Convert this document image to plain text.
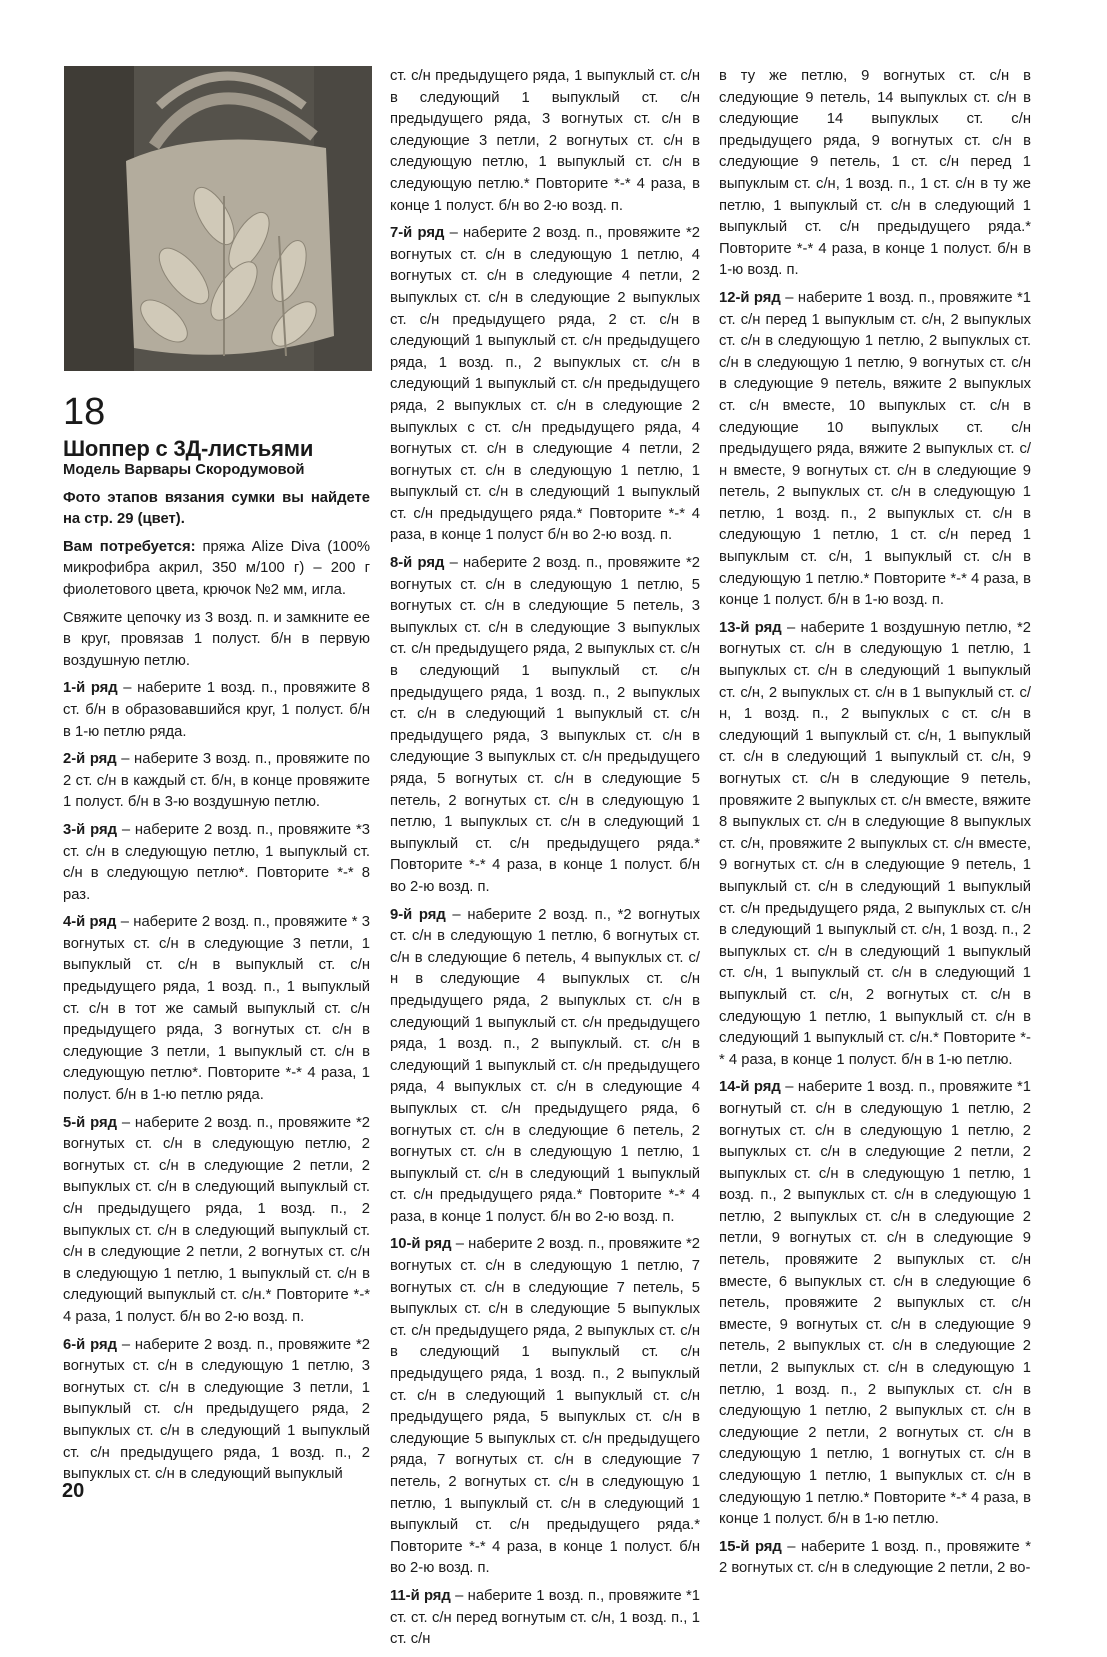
18
Шоппер с 3Д-листьями

Модель Варвары Скородумовой

Фото этапов вязания сумки вы найдете на стр. 29 (цвет).

Вам потребуется: пряжа Alize Diva (100% микрофибра акрил, 350 м/100 г) – 200 г фиолетового цвета, крючок №2 мм, игла.

Свяжите цепочку из 3 возд. п. и замкните ее в круг, провязав 1 полуст. б/н в первую воздушную петлю.

1-й ряд – наберите 1 возд. п., провяжите 8 ст. б/н в образовавшийся круг, 1 полуст. б/н в 1-ю петлю ряда.

2-й ряд – наберите 3 возд. п., провяжите по 2 ст. с/н в каждый ст. б/н, в конце провяжите 1 полуст. б/н в 3-ю воздушную петлю.

3-й ряд – наберите 2 возд. п., провяжите *3 ст. с/н в следующую петлю, 1 выпуклый ст. с/н в следующую петлю*. Повторите *-* 8 раз.

4-й ряд – наберите 2 возд. п., провяжите * 3 вогнутых ст. с/н в следующие 3 петли, 1 выпуклый ст. с/н в выпуклый ст. с/н предыдущего ряда, 1 возд. п., 1 выпуклый ст. с/н в тот же самый выпуклый ст. с/н предыдущего ряда, 3 вогнутых ст. с/н в следующие 3 петли, 1 выпуклый ст. с/н в следующую петлю*. Повторите *-* 4 раза, 1 полуст. б/н в 1-ю петлю ряда.

5-й ряд – наберите 2 возд. п., провяжите *2 вогнутых ст. с/н в следующую петлю, 2 вогнутых ст. с/н в следующие 2 петли, 2 выпуклых ст. с/н в следующий выпуклый ст. с/н предыдущего ряда, 1 возд. п., 2 выпуклых ст. с/н в следующий выпуклый ст. с/н в следующие 2 петли, 2 вогнутых ст. с/н в следующую 1 петлю, 1 выпуклый ст. с/н в следующий выпуклый ст. с/н.* Повторите *-* 4 раза, 1 полуст. б/н во 2-ю возд. п.

6-й ряд – наберите 2 возд. п., провяжите *2 вогнутых ст. с/н в следующую 1 петлю, 3 вогнутых ст. с/н в следующие 3 петли, 1 выпуклый ст. с/н предыдущего ряда, 2 выпуклых ст. с/н в следующий 1 выпуклый ст. с/н предыдущего ряда, 1 возд. п., 2 выпуклых ст. с/н в следующий выпуклый

ст. с/н предыдущего ряда, 1 выпуклый ст. с/н в следующий 1 выпуклый ст. с/н предыдущего ряда, 3 вогнутых ст. с/н в следующие 3 петли, 2 вогнутых ст. с/н в следующую петлю, 1 выпуклый ст. с/н в следующую петлю.* Повторите *-* 4 раза, в конце 1 полуст. б/н во 2-ю возд. п.

7-й ряд – наберите 2 возд. п., провяжите *2 вогнутых ст. с/н в следующую 1 петлю, 4 вогнутых ст. с/н в следующие 4 петли, 2 выпуклых ст. с/н в следующие 2 выпуклых ст. с/н предыдущего ряда, 2 ст. с/н в следующий 1 выпуклый ст. с/н предыдущего ряда, 1 возд. п., 2 выпуклых ст. с/н в следующий 1 выпуклый ст. с/н предыдущего ряда, 2 выпуклых ст. с/н в следующие 2 выпуклых с ст. с/н предыдущего ряда, 4 вогнутых ст. с/н в следующие 4 петли, 2 вогнутых ст. с/н в следующую 1 петлю, 1 выпуклый ст. с/н в следующий 1 выпуклый ст. с/н предыдущего ряда.* Повторите *-* 4 раза, в конце 1 полуст б/н во 2-ю возд. п.

8-й ряд – наберите 2 возд. п., провяжите *2 вогнутых ст. с/н в следующую 1 петлю, 5 вогнутых ст. с/н в следующие 5 петель, 3 выпуклых ст. с/н в следующие 3 выпуклых ст. с/н предыдущего ряда, 2 выпуклых ст. с/н в следующий 1 выпуклый ст. с/н предыдущего ряда, 1 возд. п., 2 выпуклых ст. с/н в следующий 1 выпуклый ст. с/н предыдущего ряда, 3 выпуклых ст. с/н в следующие 3 выпуклых ст. с/н предыдущего ряда, 5 вогнутых ст. с/н в следующие 5 петель, 2 вогнутых ст. с/н в следующую 1 петлю, 1 выпуклых ст. с/н в следующий 1 выпуклый ст. с/н предыдущего ряда.* Повторите *-* 4 раза, в конце 1 полуст. б/н во 2-ю возд. п.

9-й ряд – наберите 2 возд. п., *2 вогнутых ст. с/н в следующую 1 петлю, 6 вогнутых ст. с/н в следующие 6 петель, 4 выпуклых ст. с/н в следующие 4 выпуклых ст. с/н предыдущего ряда, 2 выпуклых ст. с/н в следующий 1 выпуклый ст. с/н предыдущего ряда, 1 возд. п., 2 выпуклый. ст. с/н в следующий 1 выпуклый ст. с/н предыдущего ряда, 4 выпуклых ст. с/н в следующие 4 выпуклых ст. с/н предыдущего ряда, 6 вогнутых ст. с/н в следующие 6 петель, 2 вогнутых ст. с/н в следующую 1 петлю, 1 выпуклый ст. с/н в следующий 1 выпуклый ст. с/н предыдущего ряда.* Повторите *-* 4 раза, в конце 1 полуст. б/н во 2-ю возд. п.

10-й ряд – наберите 2 возд. п., провяжите *2 вогнутых ст. с/н в следующую 1 петлю, 7 вогнутых ст. с/н в следующие 7 петель, 5 выпуклых ст. с/н в следующие 5 выпуклых ст. с/н предыдущего ряда, 2 выпуклых ст. с/н в следующий 1 выпуклый ст. с/н предыдущего ряда, 1 возд. п., 2 выпуклый ст. с/н в следующий 1 выпуклый ст. с/н предыдущего ряда, 5 выпуклых ст. с/н в следующие 5 выпуклых ст. с/н предыдущего ряда, 7 вогнутых ст. с/н в следующие 7 петель, 2 вогнутых ст. с/н в следующую 1 петлю, 1 выпуклый ст. с/н в следующий 1 выпуклый ст. с/н предыдущего ряда.* Повторите *-* 4 раза, в конце 1 полуст. б/н во 2-ю возд. п.

11-й ряд – наберите 1 возд. п., провяжите *1 ст. ст. с/н перед вогнутым ст. с/н, 1 возд. п., 1 ст. с/н

в ту же петлю, 9 вогнутых ст. с/н в следующие 9 петель, 14 выпуклых ст. с/н в следующие 14 выпуклых ст. с/н предыдущего ряда, 9 вогнутых ст. с/н в следующие 9 петель, 1 ст. с/н перед 1 выпуклым ст. с/н, 1 возд. п., 1 ст. с/н в ту же петлю, 1 выпуклый ст. с/н в следующий 1 выпуклый ст. с/н предыдущего ряда.* Повторите *-* 4 раза, в конце 1 полуст. б/н в 1-ю возд. п.

12-й ряд – наберите 1 возд. п., провяжите *1 ст. с/н перед 1 выпуклым ст. с/н, 2 выпуклых ст. с/н в следующую 1 петлю, 2 выпуклых ст. с/н в следующую 1 петлю, 9 вогнутых ст. с/н в следующие 9 петель, вяжите 2 выпуклых ст. с/н вместе, 10 выпуклых ст. с/н в следующие 10 выпуклых ст. с/н предыдущего ряда, вяжите 2 выпуклых ст. с/н вместе, 9 вогнутых ст. с/н в следующие 9 петель, 2 выпуклых ст. с/н в следующую 1 петлю, 1 возд. п., 2 выпуклых ст. с/н в следующую 1 петлю, 1 ст. с/н перед 1 выпуклым ст. с/н, 1 выпуклый ст. с/н в следующую 1 петлю.* Повторите *-* 4 раза, в конце 1 полуст. б/н в 1-ю возд. п.

13-й ряд – наберите 1 воздушную петлю, *2 вогнутых ст. с/н в следующую 1 петлю, 1 выпуклых ст. с/н в следующий 1 выпуклый ст. с/н, 2 выпуклых ст. с/н в 1 выпуклый ст. с/н, 1 возд. п., 2 выпуклых с ст. с/н в следующий 1 выпуклый ст. с/н, 1 выпуклый ст. с/н в следующий 1 выпуклый ст. с/н, 9 вогнутых ст. с/н в следующие 9 петель, провяжите 2 выпуклых ст. с/н вместе, вяжите 8 выпуклых ст. с/н в следующие 8 выпуклых ст. с/н, провяжите 2 выпуклых ст. с/н вместе, 9 вогнутых ст. с/н в следующие 9 петель, 1 выпуклый ст. с/н в следующий 1 выпуклый ст. с/н предыдущего ряда, 2 выпуклых ст. с/н в следующий 1 выпуклый ст. с/н, 1 возд. п., 2 выпуклых ст. с/н в следующий 1 выпуклый ст. с/н, 1 выпуклый ст. с/н в следующий 1 выпуклый ст. с/н, 2 вогнутых ст. с/н в следующую 1 петлю, 1 выпуклый ст. с/н в следующий 1 выпуклый ст. с/н.* Повторите *-* 4 раза, в конце 1 полуст. б/н в 1-ю петлю.

14-й ряд – наберите 1 возд. п., провяжите *1 вогнутый ст. с/н в следующую 1 петлю, 2 вогнутых ст. с/н в следующую 1 петлю, 2 выпуклых ст. с/н в следующие 2 петли, 2 выпуклых ст. с/н в следующую 1 петлю, 1 возд. п., 2 выпуклых ст. с/н в следующую 1 петлю, 2 выпуклых ст. с/н в следующие 2 петли, 9 вогнутых ст. с/н в следующие 9 петель, провяжите 2 выпуклых ст. с/н вместе, 6 выпуклых ст. с/н в следующие 6 петель, провяжите 2 выпуклых ст. с/н вместе, 9 вогнутых ст. с/н в следующие 9 петель, 2 выпуклых ст. с/н в следующие 2 петли, 2 выпуклых ст. с/н в следующую 1 петлю, 1 возд. п., 2 выпуклых ст. с/н в следующую 1 петлю, 2 выпуклых ст. с/н в следующие 2 петли, 2 вогнутых ст. с/н в следующую 1 петлю, 1 вогнутых ст. с/н в следующую 1 петлю, 1 выпуклых ст. с/н в следующую 1 петлю.* Повторите *-* 4 раза, в конце 1 полуст. б/н в 1-ю петлю.

15-й ряд – наберите 1 возд. п., провяжите * 2 вогнутых ст. с/н в следующие 2 петли, 2 во-

20
